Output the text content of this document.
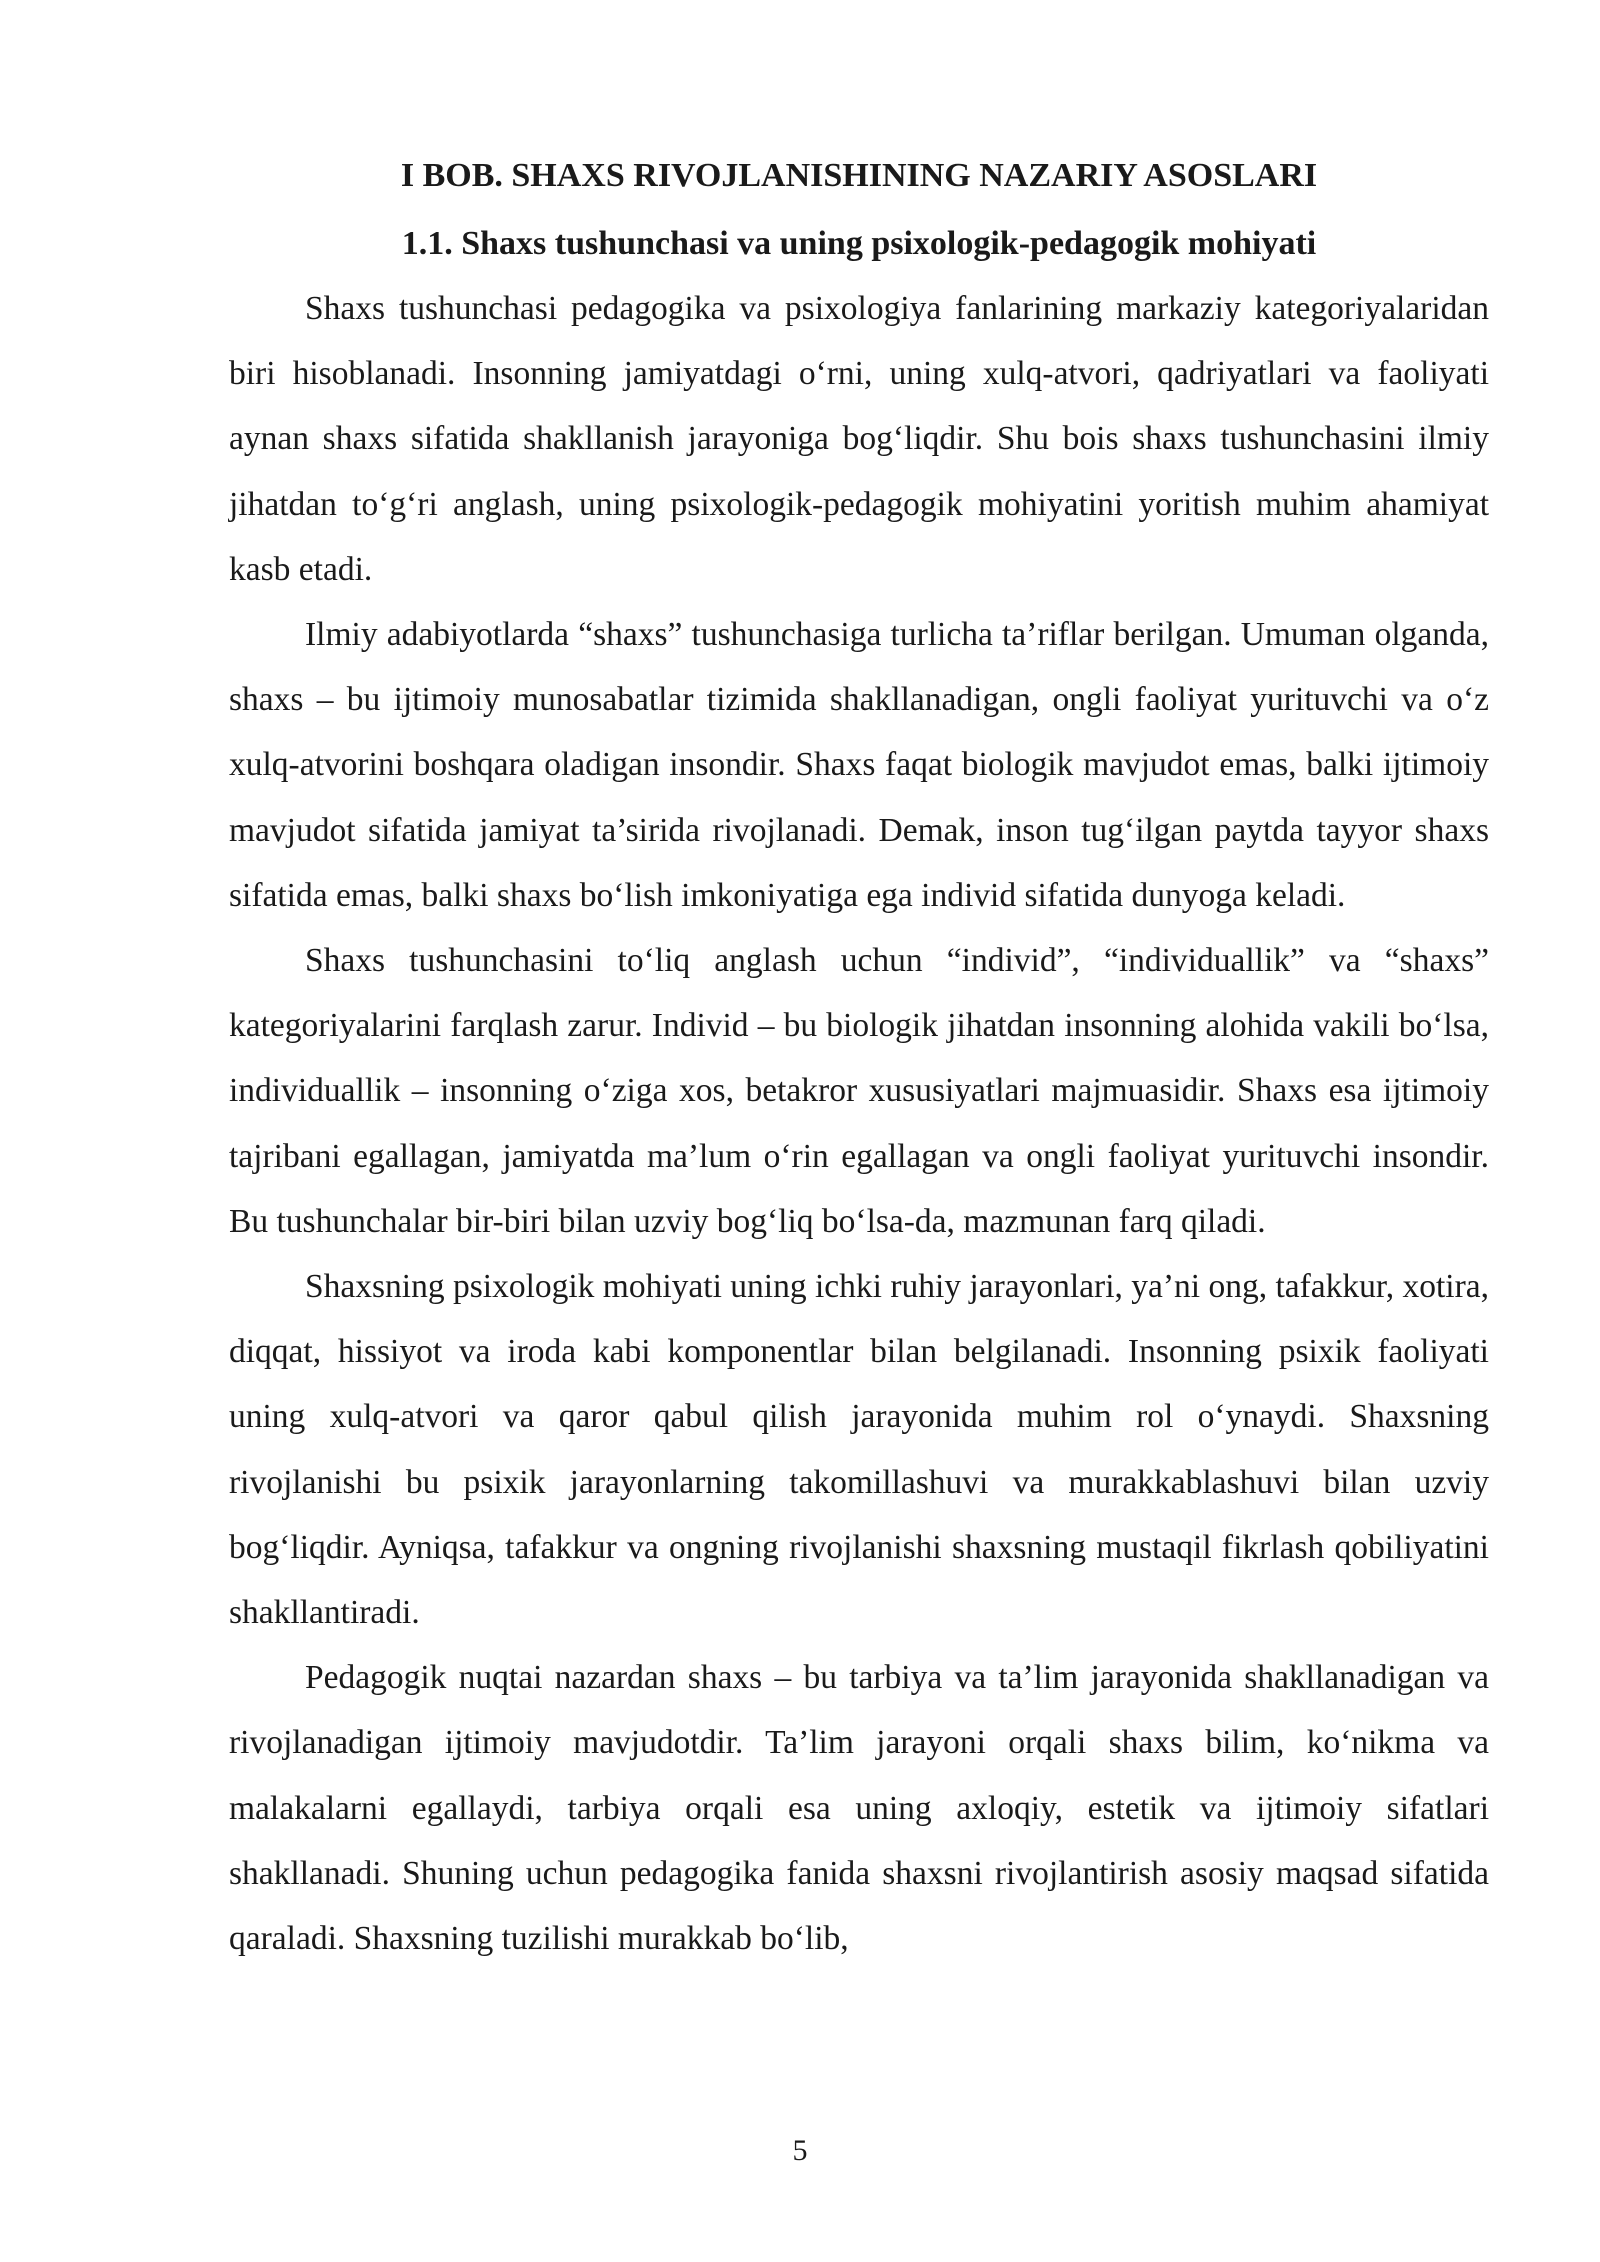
I BOB. SHAXS RIVOJLANISHINING NAZARIY ASOSLARI
1.1. Shaxs tushunchasi va uning psixologik-pedagogik mohiyati

Shaxs tushunchasi pedagogika va psixologiya fanlarining markaziy kategoriyalaridan biri hisoblanadi. Insonning jamiyatdagi o‘rni, uning xulq-atvori, qadriyatlari va faoliyati aynan shaxs sifatida shakllanish jarayoniga bog‘liqdir. Shu bois shaxs tushunchasini ilmiy jihatdan to‘g‘ri anglash, uning psixologik-pedagogik mohiyatini yoritish muhim ahamiyat kasb etadi.

Ilmiy adabiyotlarda “shaxs” tushunchasiga turlicha ta’riflar berilgan. Umuman olganda, shaxs – bu ijtimoiy munosabatlar tizimida shakllanadigan, ongli faoliyat yurituvchi va o‘z xulq-atvorini boshqara oladigan insondir. Shaxs faqat biologik mavjudot emas, balki ijtimoiy mavjudot sifatida jamiyat ta’sirida rivojlanadi. Demak, inson tug‘ilgan paytda tayyor shaxs sifatida emas, balki shaxs bo‘lish imkoniyatiga ega individ sifatida dunyoga keladi.

Shaxs tushunchasini to‘liq anglash uchun “individ”, “individuallik” va “shaxs” kategoriyalarini farqlash zarur. Individ – bu biologik jihatdan insonning alohida vakili bo‘lsa, individuallik – insonning o‘ziga xos, betakror xususiyatlari majmuasidir. Shaxs esa ijtimoiy tajribani egallagan, jamiyatda ma’lum o‘rin egallagan va ongli faoliyat yurituvchi insondir. Bu tushunchalar bir-biri bilan uzviy bog‘liq bo‘lsa-da, mazmunan farq qiladi.

Shaxsning psixologik mohiyati uning ichki ruhiy jarayonlari, ya’ni ong, tafakkur, xotira, diqqat, hissiyot va iroda kabi komponentlar bilan belgilanadi. Insonning psixik faoliyati uning xulq-atvori va qaror qabul qilish jarayonida muhim rol o‘ynaydi. Shaxsning rivojlanishi bu psixik jarayonlarning takomillashuvi va murakkablashuvi bilan uzviy bog‘liqdir. Ayniqsa, tafakkur va ongning rivojlanishi shaxsning mustaqil fikrlash qobiliyatini shakllantiradi.

Pedagogik nuqtai nazardan shaxs – bu tarbiya va ta’lim jarayonida shakllanadigan va rivojlanadigan ijtimoiy mavjudotdir. Ta’lim jarayoni orqali shaxs bilim, ko‘nikma va malakalarni egallaydi, tarbiya orqali esa uning axloqiy, estetik va ijtimoiy sifatlari shakllanadi. Shuning uchun pedagogika fanida shaxsni rivojlantirish asosiy maqsad sifatida qaraladi. Shaxsning tuzilishi murakkab bo‘lib,

5
